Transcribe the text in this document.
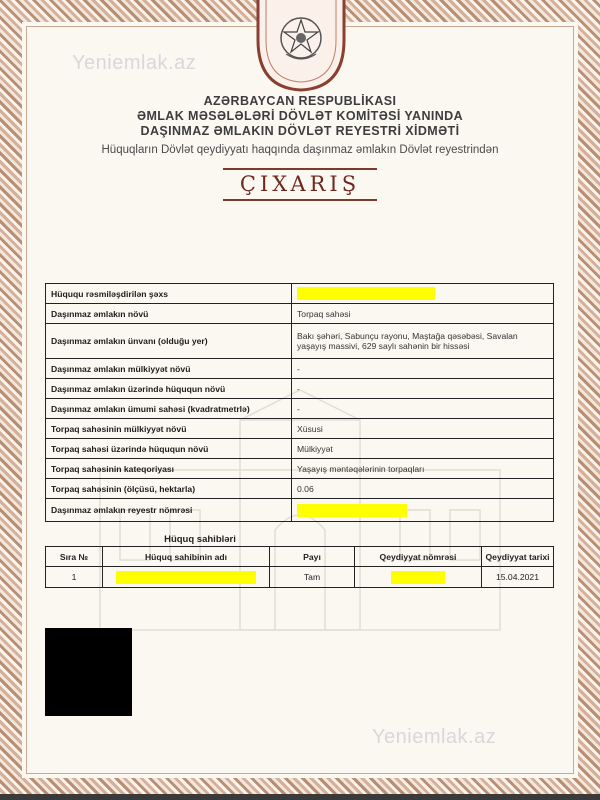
Yeniemlak.az
Yeniemlak.az
AZƏRBAYCAN RESPUBLİKASI
ƏMLAK MƏSƏLƏLƏRİ DÖVLƏT KOMİTƏSİ YANINDA
DAŞINMAZ ƏMLAKIN DÖVLƏT REYESTRİ XİDMƏTİ
Hüquqların Dövlət qeydiyyatı haqqında daşınmaz əmlakın Dövlət reyestrindən
ÇIXARIŞ
Hüququ rəsmiləşdirilən şəxs	
Daşınmaz əmlakın növü	Torpaq sahəsi
Daşınmaz əmlakın ünvanı (olduğu yer)	Bakı şəhəri, Sabunçu rayonu, Maştağa qəsəbəsi, Savalan yaşayış massivi, 629 saylı sahənin bir hissəsi
Daşınmaz əmlakın mülkiyyət növü	-
Daşınmaz əmlakın üzərində hüququn növü	-
Daşınmaz əmlakın ümumi sahəsi (kvadratmetrlə)	-
Torpaq sahəsinin mülkiyyət növü	Xüsusi
Torpaq sahəsi üzərində hüququn növü	Mülkiyyət
Torpaq sahəsinin kateqoriyası	Yaşayış məntəqələrinin torpaqları
Torpaq sahəsinin (ölçüsü, hektarla)	0.06
Daşınmaz əmlakın reyestr nömrəsi	
Hüquq sahibləri
Sıra №	Hüquq sahibinin adı	Payı	Qeydiyyat nömrəsi	Qeydiyyat tarixi
1		Tam		15.04.2021
